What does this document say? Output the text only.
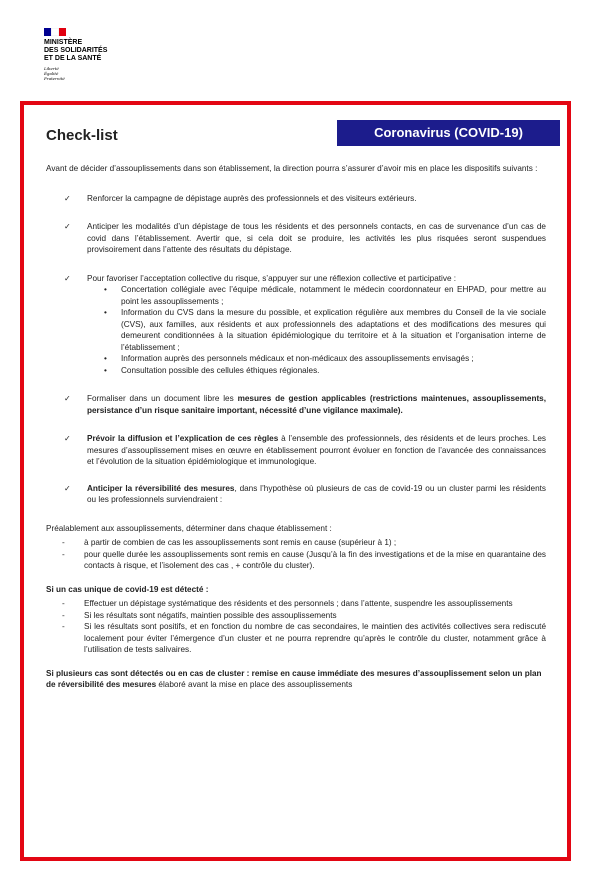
MINISTÈRE
DES SOLIDARITÉS
ET DE LA SANTÉ
Liberté
Égalité
Fraternité
Check-list	Coronavirus (COVID-19)

Avant de décider d’assouplissements dans son établissement, la direction pourra s’assurer d’avoir mis en place les dispositifs suivants :

✓	Renforcer la campagne de dépistage auprès des professionnels et des visiteurs extérieurs.
✓	Anticiper les modalités d’un dépistage de tous les résidents et des personnels contacts, en cas de survenance d’un cas de covid dans l’établissement. Avertir que, si cela doit se produire, les activités les plus risquées seront suspendues provisoirement dans l’attente des résultats du dépistage.
✓	Pour favoriser l’acceptation collective du risque, s’appuyer sur une réflexion collective et participative :
• Concertation collégiale avec l’équipe médicale, notamment le médecin coordonnateur en EHPAD, pour mettre au point les assouplissements ;
• Information du CVS dans la mesure du possible, et explication régulière aux membres du Conseil de la vie sociale (CVS), aux familles, aux résidents et aux professionnels des adaptations et des modifications des mesures qui demeurent conditionnées à la situation épidémiologique du territoire et à la situation et l’organisation interne de l’établissement ;
• Information auprès des personnels médicaux et non-médicaux des assouplissements envisagés ;
• Consultation possible des cellules éthiques régionales.
✓	Formaliser dans un document libre les mesures de gestion applicables (restrictions maintenues, assouplissements, persistance d’un risque sanitaire important, nécessité d’une vigilance maximale).
✓	Prévoir la diffusion et l’explication de ces règles à l’ensemble des professionnels, des résidents et de leurs proches. Les mesures d’assouplissement mises en œuvre en établissement pourront évoluer en fonction de l’avancée des connaissances et l’évolution de la situation épidémiologique et immunologique.
✓	Anticiper la réversibilité des mesures, dans l’hypothèse où plusieurs de cas de covid-19 ou un cluster parmi les résidents ou les professionnels surviendraient :

Préalablement aux assouplissements, déterminer dans chaque établissement :

- à partir de combien de cas les assouplissements sont remis en cause (supérieur à 1) ;
- pour quelle durée les assouplissements sont remis en cause (Jusqu’à la fin des investigations et de la mise en quarantaine des contacts à risque, et l’isolement des cas , + contrôle du cluster).

Si un cas unique de covid-19 est détecté :

- Effectuer un dépistage systématique des résidents et des personnels ; dans l’attente, suspendre les assouplissements
- Si les résultats sont négatifs, maintien possible des assouplissements
- Si les résultats sont positifs, et en fonction du nombre de cas secondaires, le maintien des activités collectives sera rediscuté localement pour éviter l’émergence d’un cluster et ne pourra reprendre qu’après le contrôle du cluster, notamment grâce à l’utilisation de tests salivaires.

Si plusieurs cas sont détectés ou en cas de cluster : remise en cause immédiate des mesures d’assouplissement selon un plan de réversibilité des mesures élaboré avant la mise en place des assouplissements
